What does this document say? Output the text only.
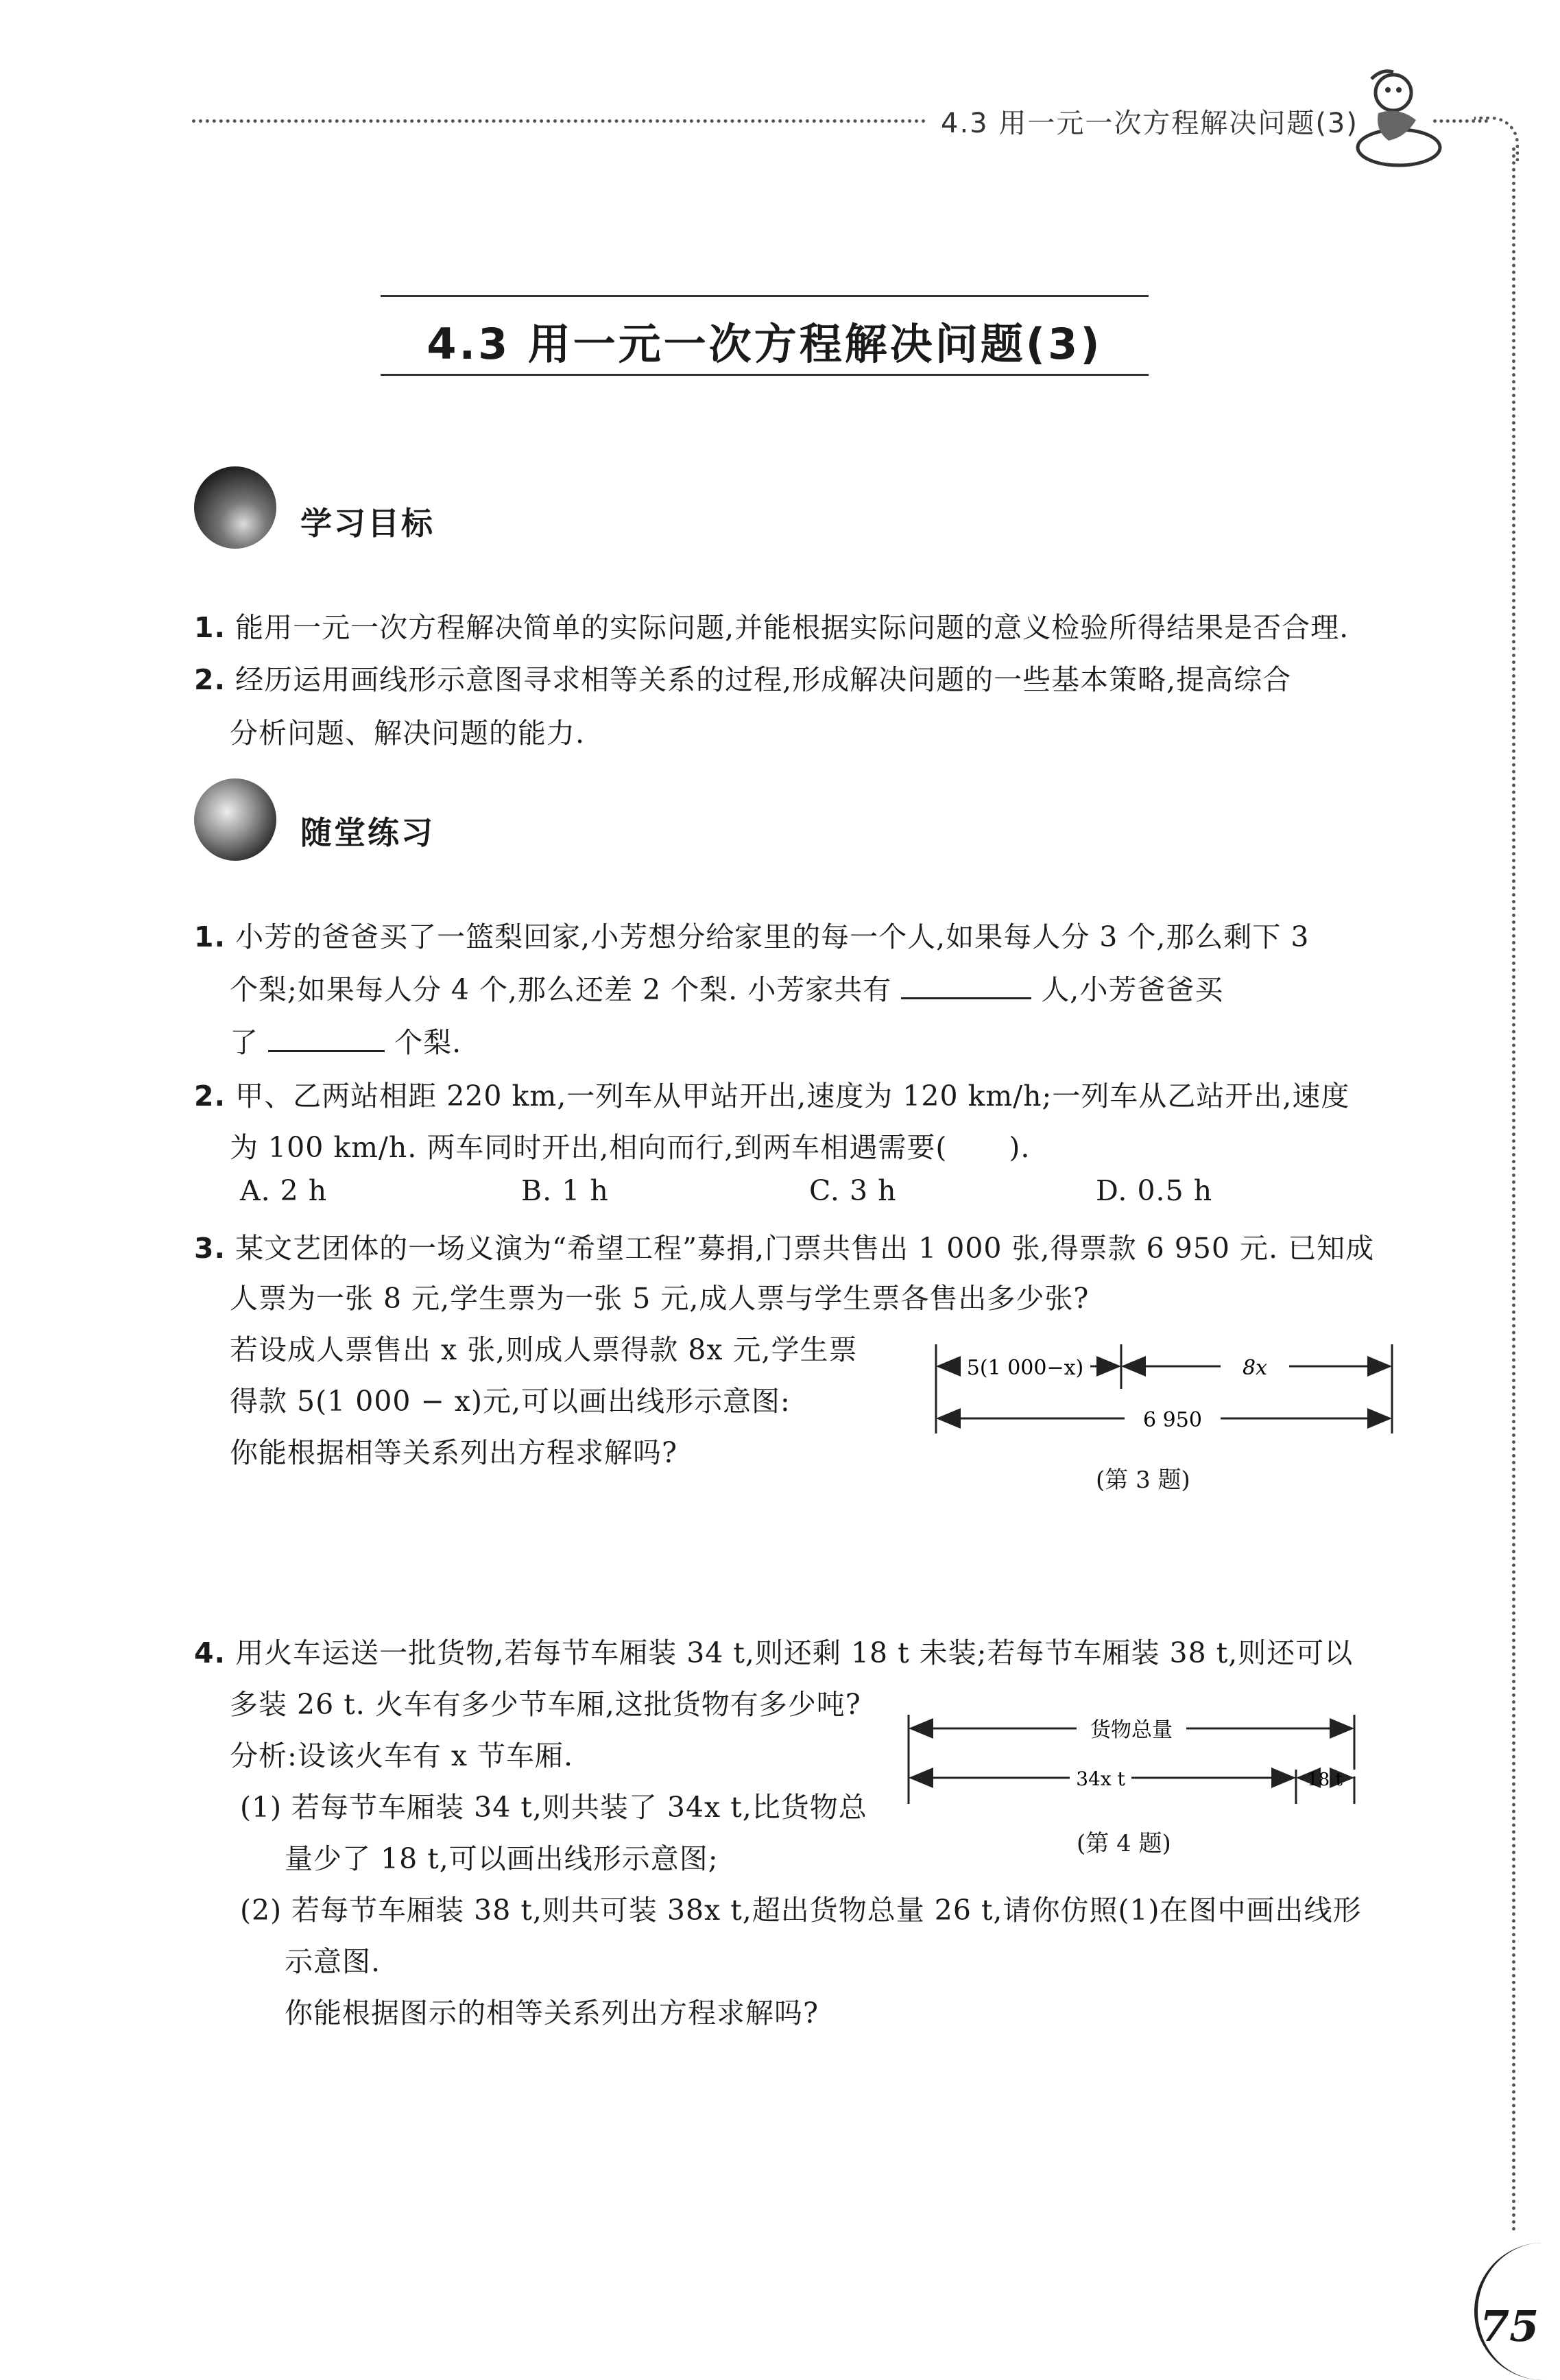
4.3 用一元一次方程解决问题(3)
4.3 用一元一次方程解决问题(3)
学习目标
1. 能用一元一次方程解决简单的实际问题,并能根据实际问题的意义检验所得结果是否合理.
2. 经历运用画线形示意图寻求相等关系的过程,形成解决问题的一些基本策略,提高综合
分析问题、解决问题的能力.
随堂练习
1. 小芳的爸爸买了一篮梨回家,小芳想分给家里的每一个人,如果每人分 3 个,那么剩下 3
个梨;如果每人分 4 个,那么还差 2 个梨. 小芳家共有	人,小芳爸爸买
了	个梨.
2. 甲、乙两站相距 220 km,一列车从甲站开出,速度为 120 km/h;一列车从乙站开出,速度
为 100 km/h. 两车同时开出,相向而行,到两车相遇需要( ).
A. 2 h	B. 1 h	C. 3 h	D. 0.5 h
3. 某文艺团体的一场义演为“希望工程”募捐,门票共售出 1 000 张,得票款 6 950 元. 已知成
人票为一张 8 元,学生票为一张 5 元,成人票与学生票各售出多少张?
若设成人票售出 x 张,则成人票得款 8x 元,学生票
得款 5(1 000 − x)元,可以画出线形示意图:
你能根据相等关系列出方程求解吗?
5(1 000−x)	8x
6 950
(第 3 题)
4. 用火车运送一批货物,若每节车厢装 34 t,则还剩 18 t 未装;若每节车厢装 38 t,则还可以
多装 26 t. 火车有多少节车厢,这批货物有多少吨?
分析:设该火车有 x 节车厢.
(1) 若每节车厢装 34 t,则共装了 34x t,比货物总
量少了 18 t,可以画出线形示意图;
(2) 若每节车厢装 38 t,则共可装 38x t,超出货物总量 26 t,请你仿照(1)在图中画出线形
示意图.
你能根据图示的相等关系列出方程求解吗?
货物总量
34x t	18 t
(第 4 题)
75
